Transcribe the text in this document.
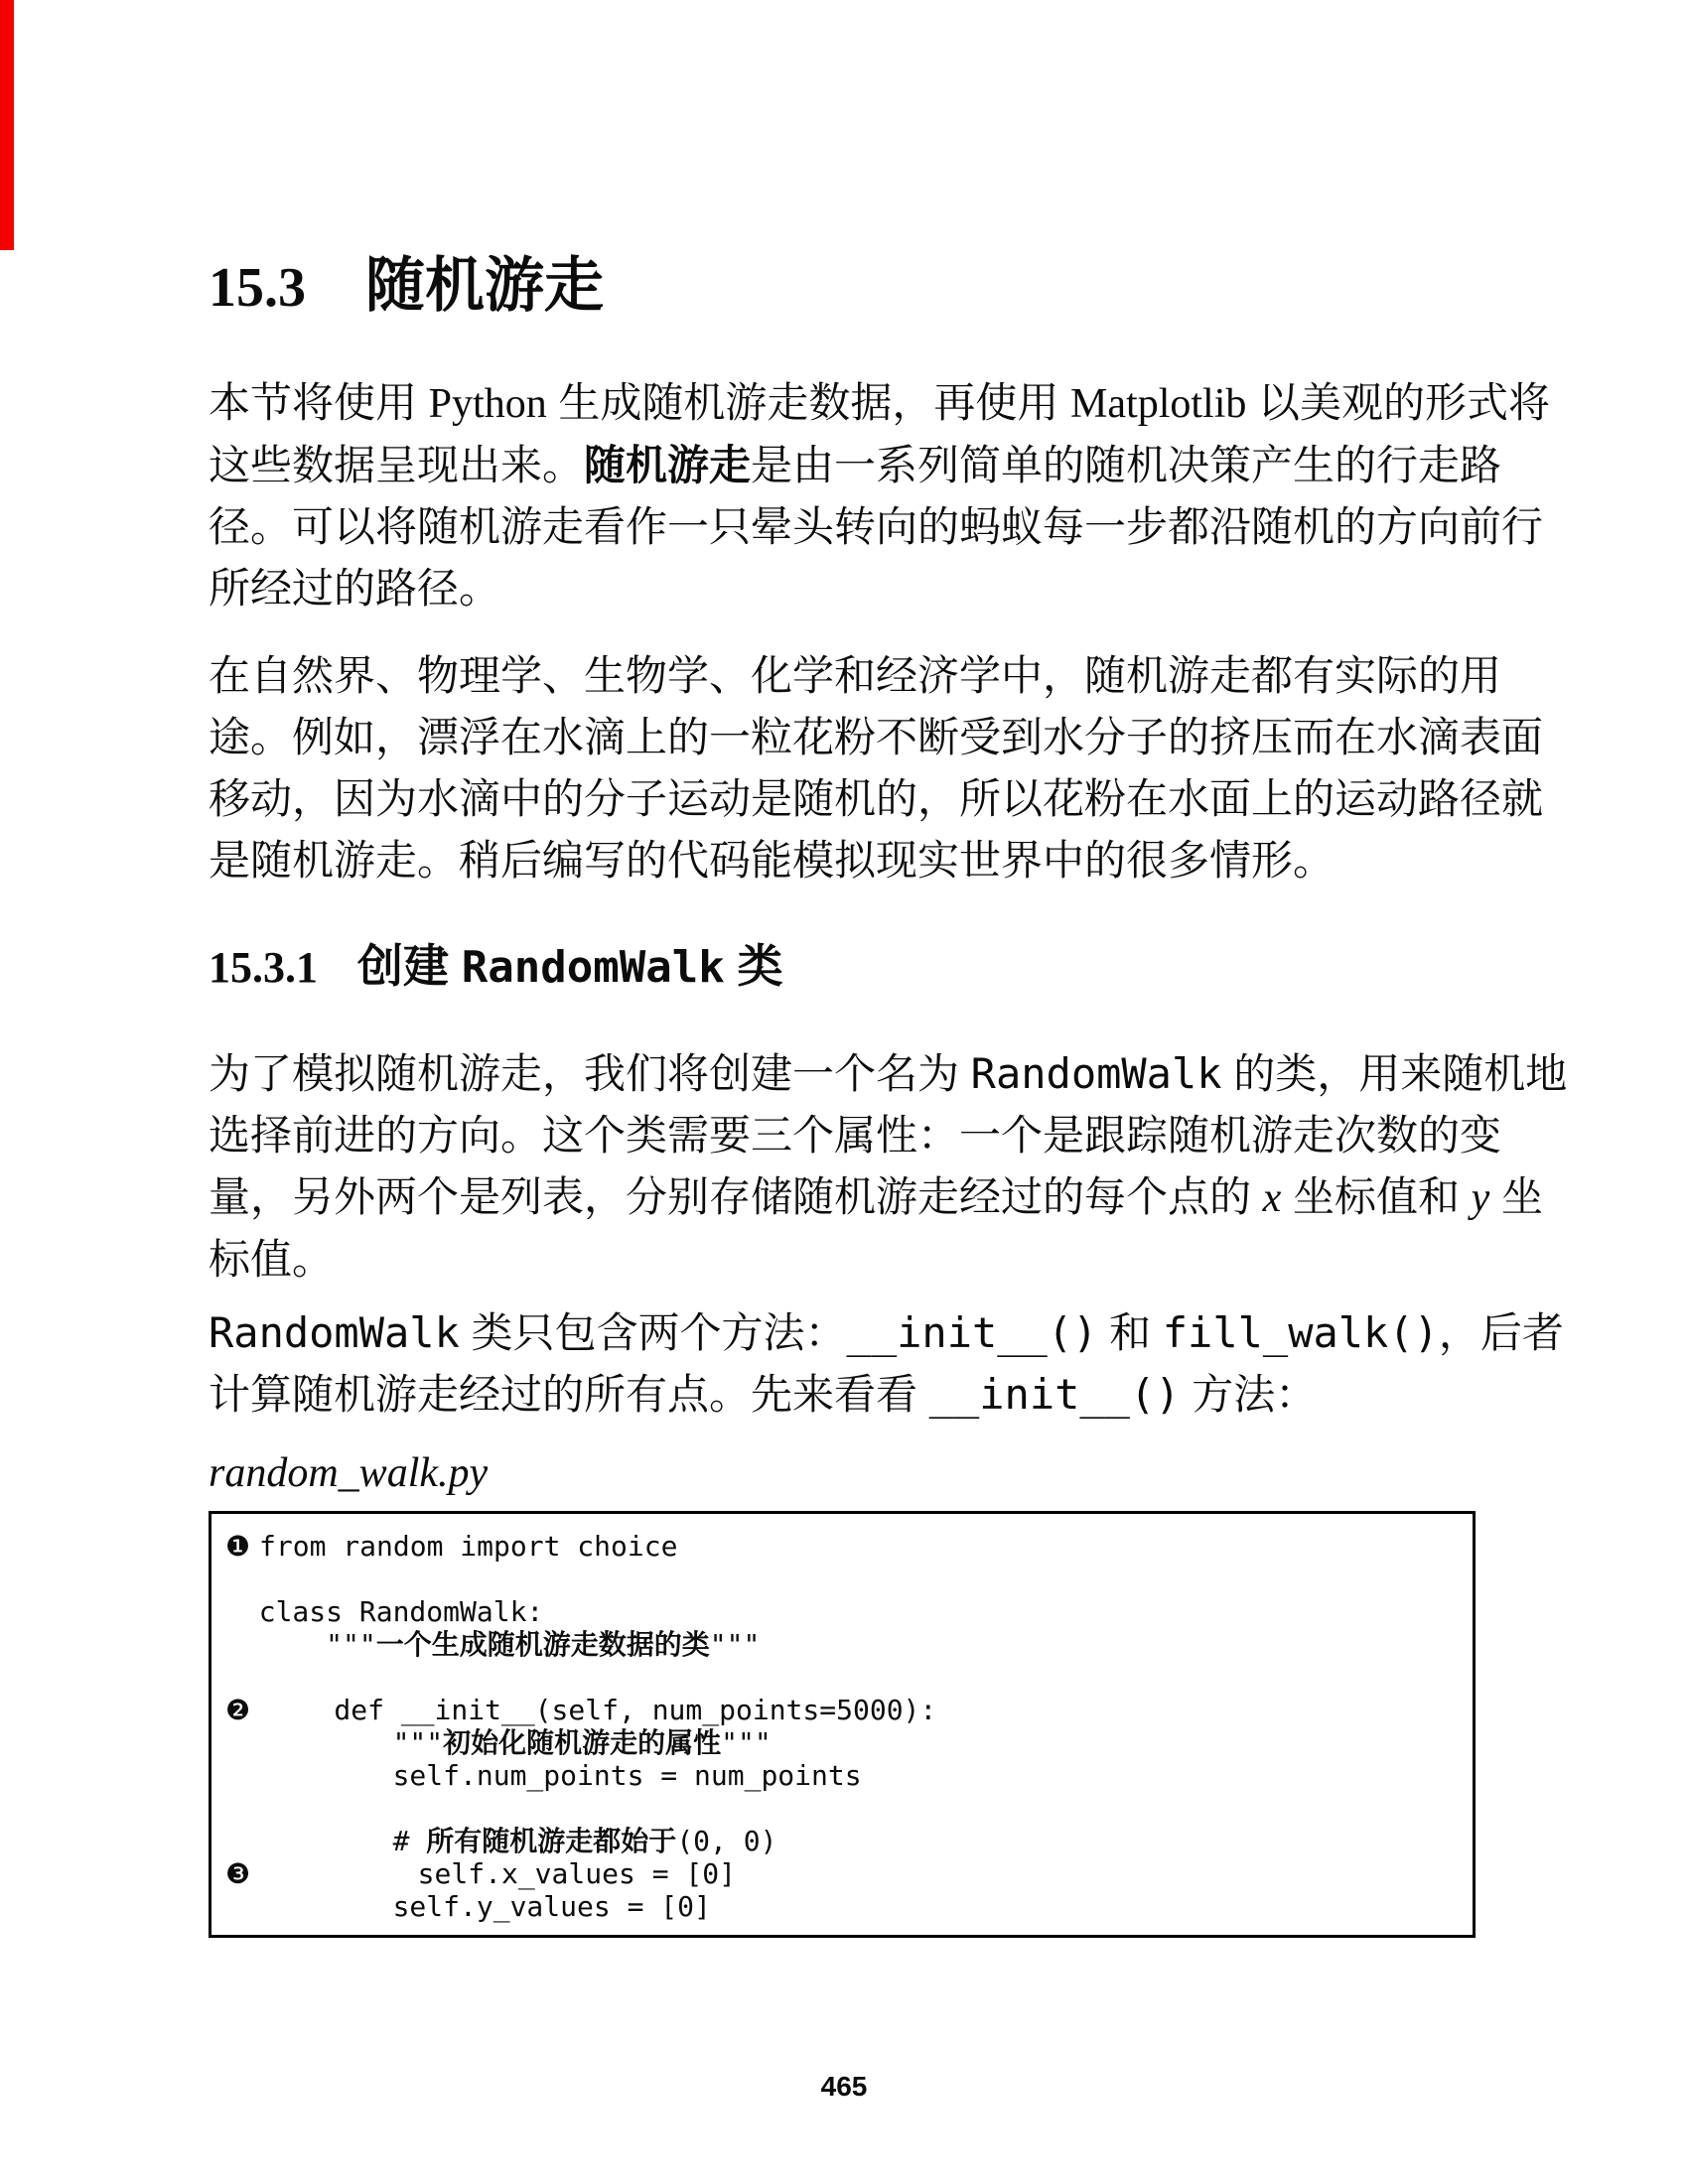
15.3 随机游走
本节将使用 Python 生成随机游走数据，再使用 Matplotlib 以美观的形式将
这些数据呈现出来。随机游走是由一系列简单的随机决策产生的行走路
径。可以将随机游走看作一只晕头转向的蚂蚁每一步都沿随机的方向前行
所经过的路径。
在自然界、物理学、生物学、化学和经济学中，随机游走都有实际的用
途。例如，漂浮在水滴上的一粒花粉不断受到水分子的挤压而在水滴表面
移动，因为水滴中的分子运动是随机的，所以花粉在水面上的运动路径就
是随机游走。稍后编写的代码能模拟现实世界中的很多情形。
15.3.1 创建 RandomWalk 类
为了模拟随机游走，我们将创建一个名为 RandomWalk 的类，用来随机地
选择前进的方向。这个类需要三个属性：一个是跟踪随机游走次数的变
量，另外两个是列表，分别存储随机游走经过的每个点的 x 坐标值和 y 坐
标值。
RandomWalk 类只包含两个方法：__init__() 和 fill_walk()，后者
计算随机游走经过的所有点。先来看看 __init__() 方法：
random_walk.py
❶ from random import choice
class RandomWalk:
"""一个生成随机游走数据的类"""
❷     def __init__(self, num_points=5000):
"""初始化随机游走的属性"""
self.num_points = num_points
# 所有随机游走都始于(0, 0)
❸          self.x_values = [0]
self.y_values = [0]
465
